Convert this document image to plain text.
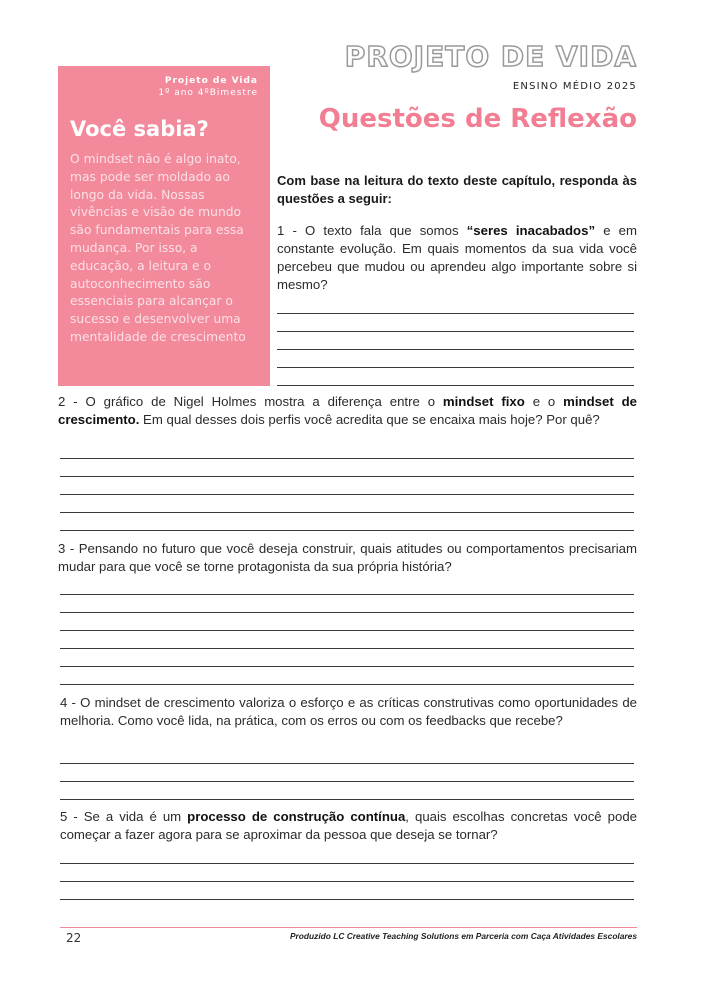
PROJETO DE VIDA
ENSINO MÉDIO 2025
Projeto de Vida
1º ano 4ºBimestre
Você sabia?

O mindset não é algo inato, mas pode ser moldado ao longo da vida. Nossas vivências e visão de mundo são fundamentais para essa mudança. Por isso, a educação, a leitura e o autoconhecimento são essenciais para alcançar o sucesso e desenvolver uma mentalidade de crescimento

Questões de Reflexão
Com base na leitura do texto deste capítulo, responda às questões a seguir:
1 - O texto fala que somos “seres inacabados” e em constante evolução. Em quais momentos da sua vida você percebeu que mudou ou aprendeu algo importante sobre si mesmo?
2 - O gráfico de Nigel Holmes mostra a diferença entre o mindset fixo e o mindset de crescimento. Em qual desses dois perfis você acredita que se encaixa mais hoje? Por quê?
3 - Pensando no futuro que você deseja construir, quais atitudes ou comportamentos precisariam mudar para que você se torne protagonista da sua própria história?
4 - O mindset de crescimento valoriza o esforço e as críticas construtivas como oportunidades de melhoria. Como você lida, na prática, com os erros ou com os feedbacks que recebe?
5 - Se a vida é um processo de construção contínua, quais escolhas concretas você pode começar a fazer agora para se aproximar da pessoa que deseja se tornar?
22	Produzido LC Creative Teaching Solutions em Parceria com Caça Atividades Escolares
